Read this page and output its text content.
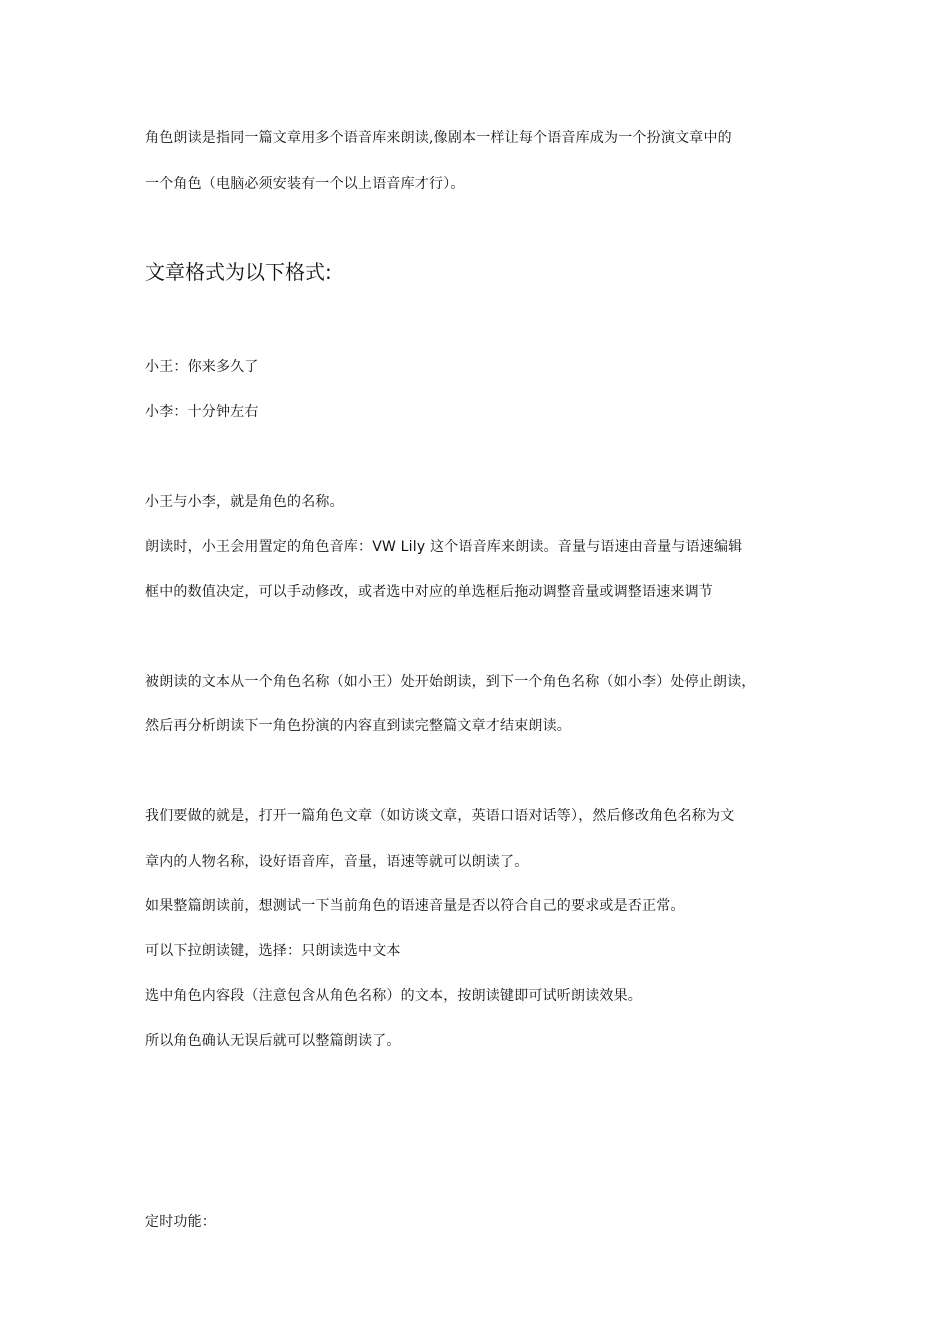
角色朗读是指同一篇文章用多个语音库来朗读,像剧本一样让每个语音库成为一个扮演文章中的

一个角色（电脑必须安装有一个以上语音库才行）。

文章格式为以下格式:

小王：你来多久了

小李：十分钟左右

小王与小李，就是角色的名称。

朗读时，小王会用置定的角色音库：VW Lily 这个语音库来朗读。音量与语速由音量与语速编辑

框中的数值决定，可以手动修改，或者选中对应的单选框后拖动调整音量或调整语速来调节

被朗读的文本从一个角色名称（如小王）处开始朗读，到下一个角色名称（如小李）处停止朗读，

然后再分析朗读下一角色扮演的内容直到读完整篇文章才结束朗读。

我们要做的就是，打开一篇角色文章（如访谈文章，英语口语对话等），然后修改角色名称为文

章内的人物名称，设好语音库，音量，语速等就可以朗读了。

如果整篇朗读前，想测试一下当前角色的语速音量是否以符合自己的要求或是否正常。

可以下拉朗读键，选择：只朗读选中文本

选中角色内容段（注意包含从角色名称）的文本，按朗读键即可试听朗读效果。

所以角色确认无误后就可以整篇朗读了。

定时功能：
